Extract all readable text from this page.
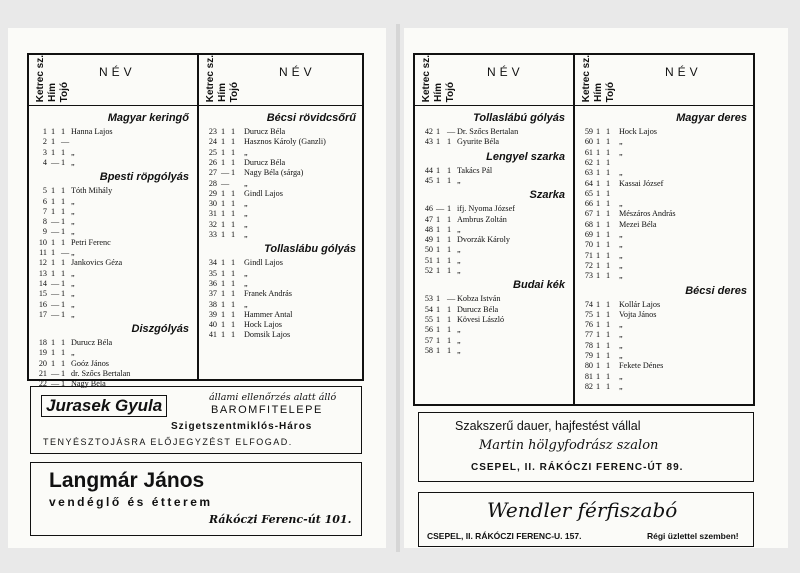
Ketrec sz. Hím Tojó
NÉV
Magyar keringő
1 1 1 Hanna Lajos
2 1 —
3 1 1 „
4 — 1 „
Bpesti röpgólyás
5 1 1 Tóth Mihály
6 1 1 „
7 1 1 „
8 — 1 „
9 — 1 „
10 1 1 Petri Ferenc
11 1 — „
12 1 1 Jankovics Géza
13 1 1 „
14 — 1 „
15 — 1 „
16 — 1 „
17 — 1 „
Diszgólyás
18 1 1 Durucz Béla
19 1 1 „
20 1 1 Goóz János
21 — 1 dr. Szőcs Bertalan
22 — 1 Nagy Béla
Ketrec sz. Hím Tojó
NÉV
Bécsi rövidcsőrű
23 1 1 Durucz Béla
24 1 1 Hasznos Károly (Ganzli)
25 1 1 „
26 1 1 Durucz Béla
27 — 1 Nagy Béla (sárga)
28 — „
29 1 1 Gindl Lajos
30 1 1 „
31 1 1 „
32 1 1 „
33 1 1 „
Tollaslábu gólyás
34 1 1 Gindl Lajos
35 1 1 „
36 1 1 „
37 1 1 Franek András
38 1 1 „
39 1 1 Hammer Antal
40 1 1 Hock Lajos
41 1 1 Domsik Lajos
Ketrec sz. Hím Tojó
NÉV
Tollaslábú gólyás
42 1 — Dr. Szőcs Bertalan
43 1 1 Gyurite Béla
Lengyel szarka
44 1 1 Takács Pál
45 1 1 „
Szarka
46 — 1 ifj. Nyoma József
47 1 1 Ambrus Zoltán
48 1 1 „
49 1 1 Dvorzák Károly
50 1 1 „
51 1 1 „
52 1 1 „
Budai kék
53 1 — Kobza István
54 1 1 Durucz Béla
55 1 1 Kövesi László
56 1 1 „
57 1 1 „
58 1 1 „
Ketrec sz. Hím Tojó
NÉV
Magyar deres
59 1 1 Hock Lajos
60 1 1 „
61 1 1 „
62 1 1
63 1 1 „
64 1 1 Kassai József
65 1 1
66 1 1 „
67 1 1 Mészáros András
68 1 1 Mezei Béla
69 1 1 „
70 1 1 „
71 1 1 „
72 1 1 „
73 1 1 „
Bécsi deres
74 1 1 Kollár Lajos
75 1 1 Vojta János
76 1 1 „
77 1 1 „
78 1 1 „
79 1 1 „
80 1 1 Fekete Dénes
81 1 1 „
82 1 1 „
Jurasek Gyula	állami ellenőrzés alatt álló
BAROMFITELEPE
Szigetszentmiklós-Háros
TENYÉSZTOJÁSRA ELŐJEGYZÉST ELFOGAD.
Langmár János
vendéglő és étterem
Rákóczi Ferenc-út 101.
Szakszerű dauer, hajfestést vállal
Martin hölgyfodrász szalon
CSEPEL, II. RÁKÓCZI FERENC-ÚT 89.
Wendler férfiszabó
CSEPEL, II. RÁKÓCZI FERENC-U. 157.	Régi üzlettel szemben!
